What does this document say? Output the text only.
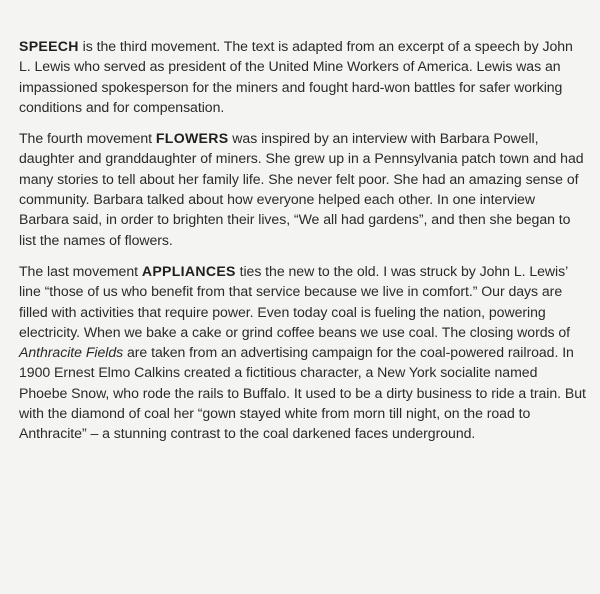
SPEECH is the third movement. The text is adapted from an excerpt of a speech by John L. Lewis who served as president of the United Mine Workers of America. Lewis was an impassioned spokesperson for the miners and fought hard-won battles for safer working conditions and for compensation.

The fourth movement FLOWERS was inspired by an interview with Barbara Powell, daughter and granddaughter of miners. She grew up in a Pennsylvania patch town and had many stories to tell about her family life. She never felt poor. She had an amazing sense of community. Barbara talked about how everyone helped each other. In one interview Barbara said, in order to brighten their lives, “We all had gardens”, and then she began to list the names of flowers.

The last movement APPLIANCES ties the new to the old. I was struck by John L. Lewis’ line “those of us who benefit from that service because we live in comfort.” Our days are filled with activities that require power. Even today coal is fueling the nation, powering electricity. When we bake a cake or grind coffee beans we use coal. The closing words of Anthracite Fields are taken from an advertising campaign for the coal-powered railroad. In 1900 Ernest Elmo Calkins created a fictitious character, a New York socialite named Phoebe Snow, who rode the rails to Buffalo. It used to be a dirty business to ride a train. But with the diamond of coal her “gown stayed white from morn till night, on the road to Anthracite” – a stunning contrast to the coal darkened faces underground.
